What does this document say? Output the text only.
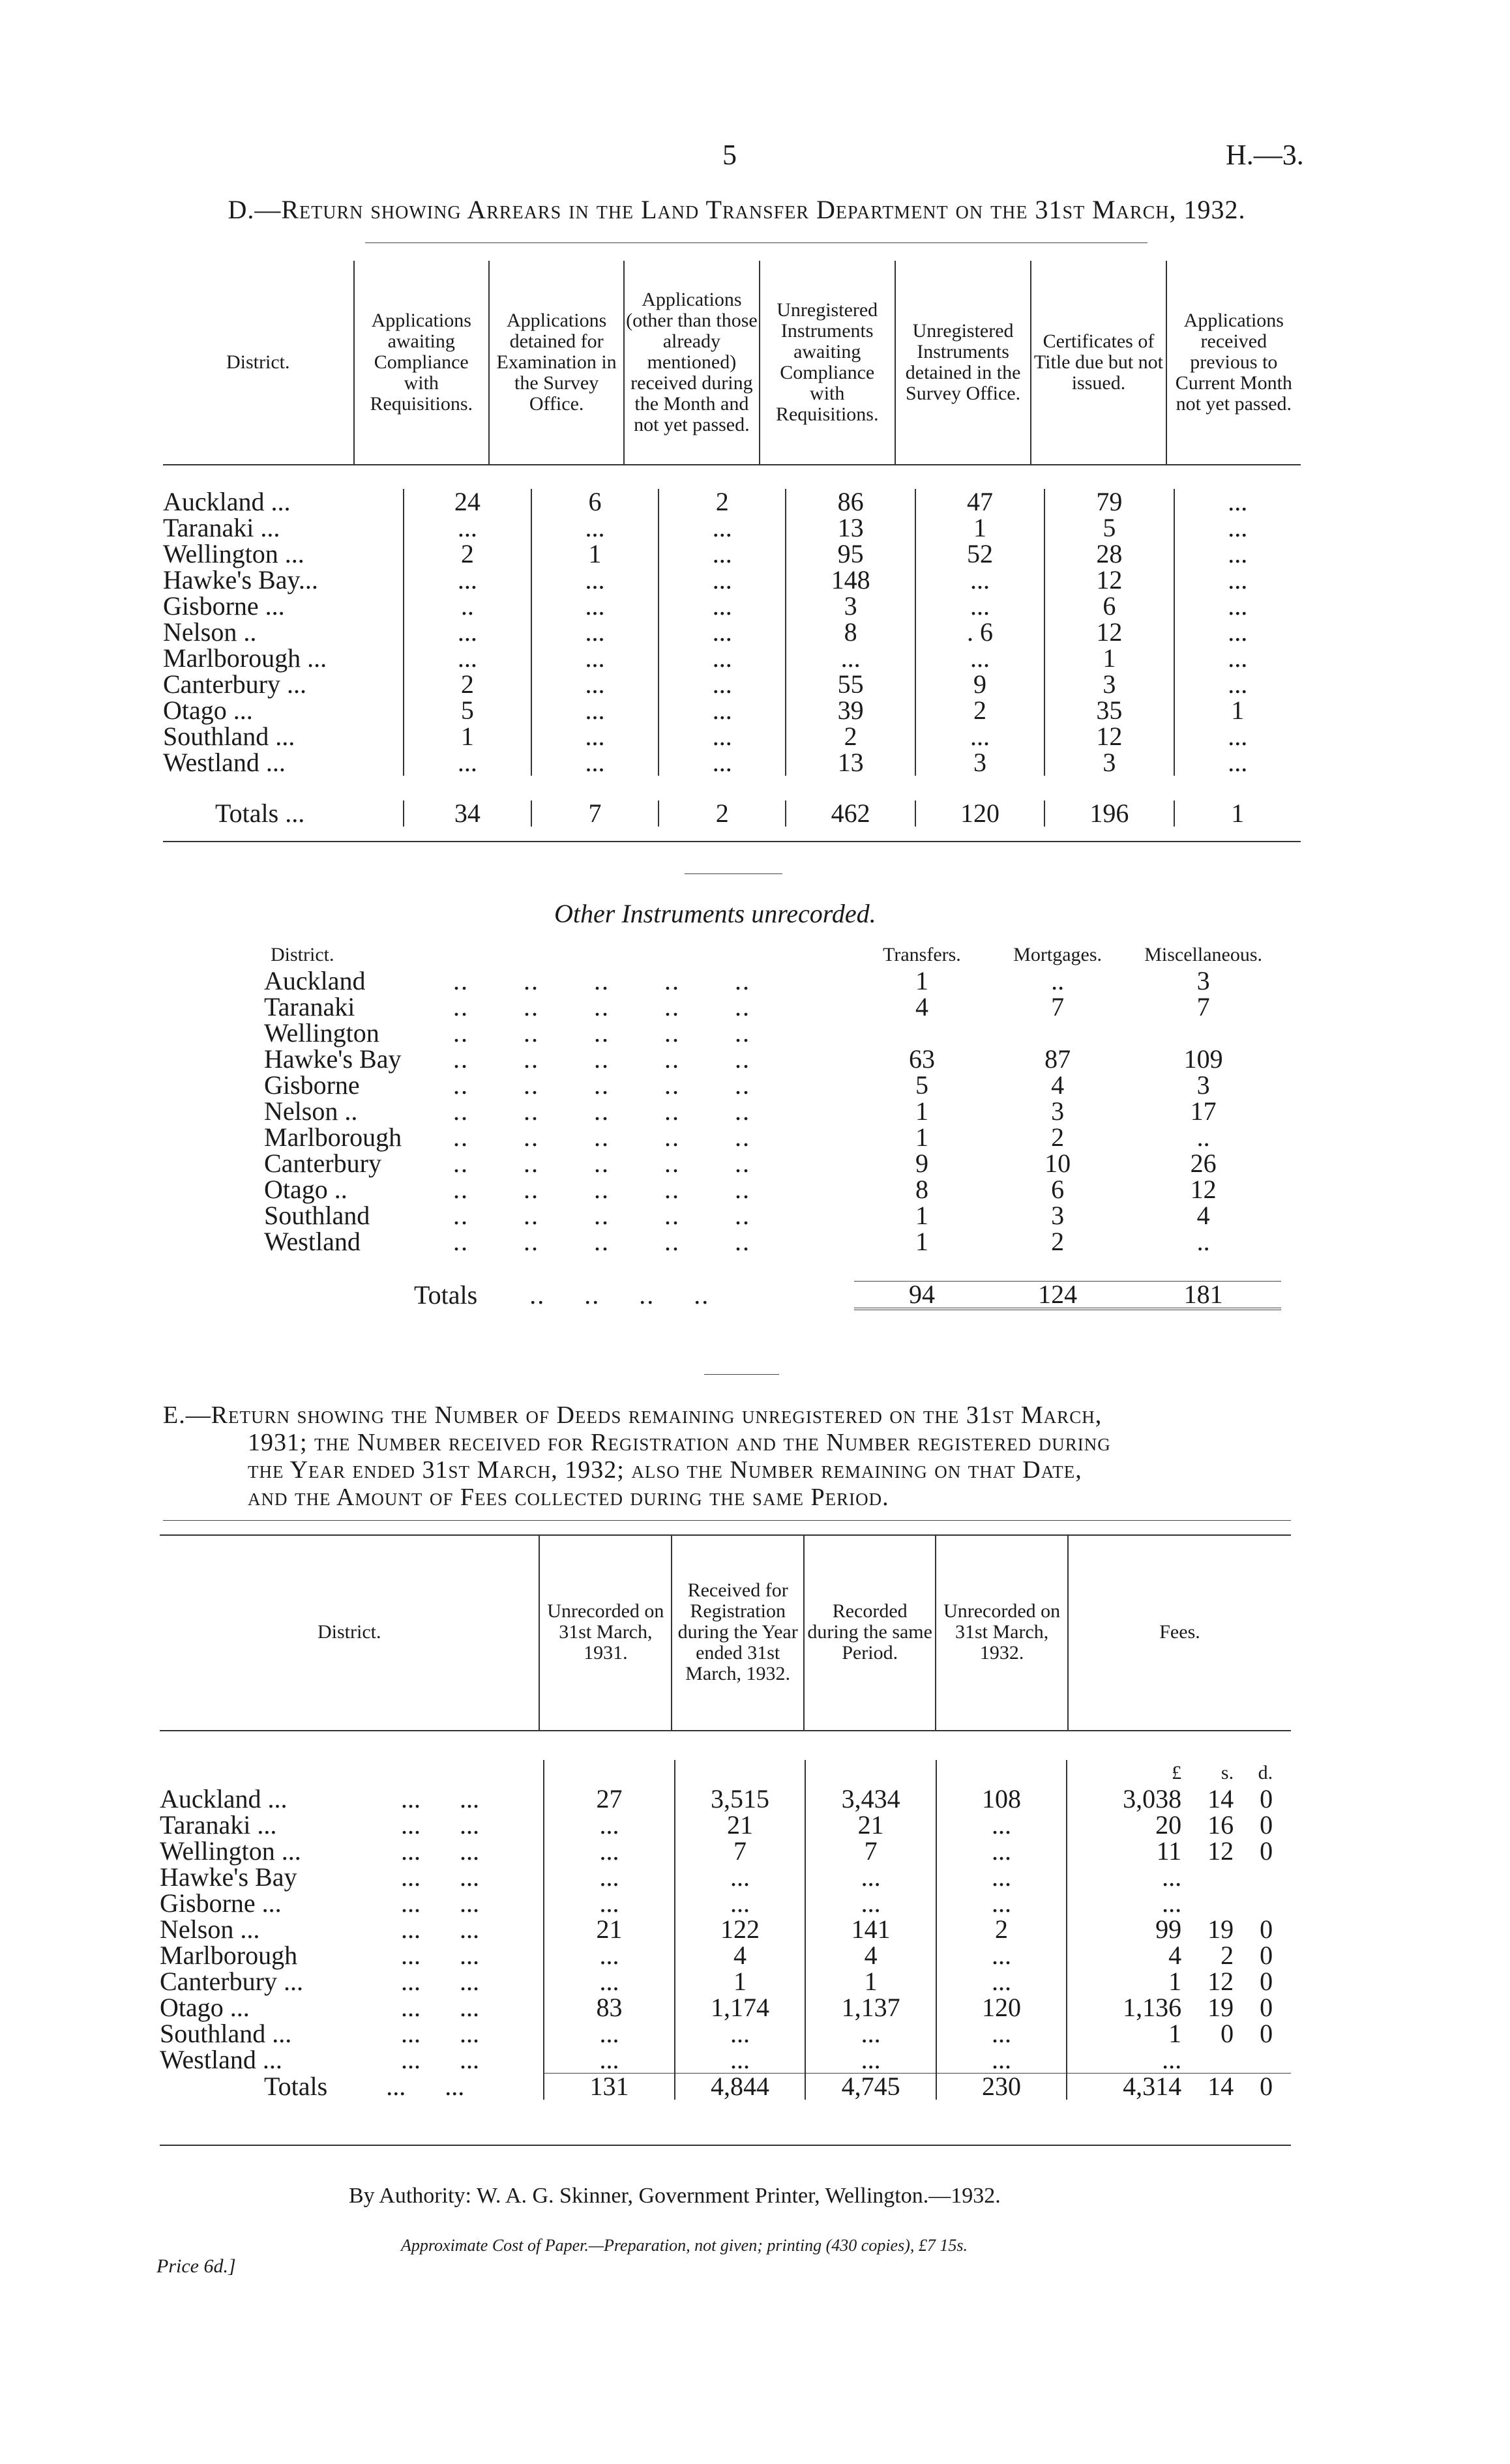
5	H.—3.
D.—Return showing Arrears in the Land Transfer Department on the 31st March, 1932.
District.	Applications awaiting Compliance with Requisitions.	Applications detained for Examination in the Survey Office.	Applications (other than those already mentioned) received during the Month and not yet passed.	Unregistered Instruments awaiting Compliance with Requisitions.	Unregistered Instruments detained in the Survey Office.	Certificates of Title due but not issued.	Applications received previous to Current Month not yet passed.
Auckland ...	24	6	2	86	47	79	...
Taranaki ...	...	...	...	13	1	5	...
Wellington ...	2	1	...	95	52	28	...
Hawke's Bay...	...	...	...	148	...	12	...
Gisborne ...	..	...	...	3	...	6	...
Nelson ..	...	...	...	8	. 6	12	...
Marlborough ...	...	...	...	...	...	1	...
Canterbury ...	2	...	...	55	9	3	...
Otago ...	5	...	...	39	2	35	1
Southland ...	1	...	...	2	...	12	...
Westland ...	...	...	...	13	3	3	...

Totals ...	34	7	2	462	120	196	1
Other Instruments unrecorded.
District.	Transfers.	Mortgages.	Miscellaneous.
Auckland ..       ..       ..       ..       ..	1	..	3
Taranaki ..       ..       ..       ..       ..	4	7	7
Wellington ..       ..       ..       ..       ..			
Hawke's Bay ..       ..       ..       ..       ..	63	87	109
Gisborne ..       ..       ..       ..       ..	5	4	3
Nelson .. ..       ..       ..       ..       ..	1	3	17
Marlborough ..       ..       ..       ..       ..	1	2	..
Canterbury ..       ..       ..       ..       ..	9	10	26
Otago .. ..       ..       ..       ..       ..	8	6	12
Southland ..       ..       ..       ..       ..	1	3	4
Westland ..       ..       ..       ..       ..	1	2	..

Totals ..     ..     ..     ..	94	124	181
E.—Return showing the Number of Deeds remaining unregistered on the 31st March,
1931; the Number received for Registration and the Number registered during
the Year ended 31st March, 1932; also the Number remaining on that Date,
and the Amount of Fees collected during the same Period.
District.	Unrecorded on 31st March, 1931.	Received for Registration during the Year ended 31st March, 1932.	Recorded during the same Period.	Unrecorded on 31st March, 1932.	Fees.
					£ s. d.
Auckland ... ...      ...	27	3,515	3,434	108	3,038 14 0
Taranaki ... ...      ...	...	21	21	...	20 16 0
Wellington ... ...      ...	...	7	7	...	11 12 0
Hawke's Bay ...      ...	...	...	...	...	...
Gisborne ... ...      ...	...	...	...	...	...
Nelson ... ...      ...	21	122	141	2	99 19 0
Marlborough ...      ...	...	4	4	...	4 2 0
Canterbury ... ...      ...	...	1	1	...	1 12 0
Otago ... ...      ...	83	1,174	1,137	120	1,136 19 0
Southland ... ...      ...	...	...	...	...	1 0 0
Westland ... ...      ...	...	...	...	...	...
Totals ...      ...	131	4,844	4,745	230	4,314 14 0
By Authority: W. A. G. Skinner, Government Printer, Wellington.—1932.
Approximate Cost of Paper.—Preparation, not given; printing (430 copies), £7 15s.
Price 6d.]
